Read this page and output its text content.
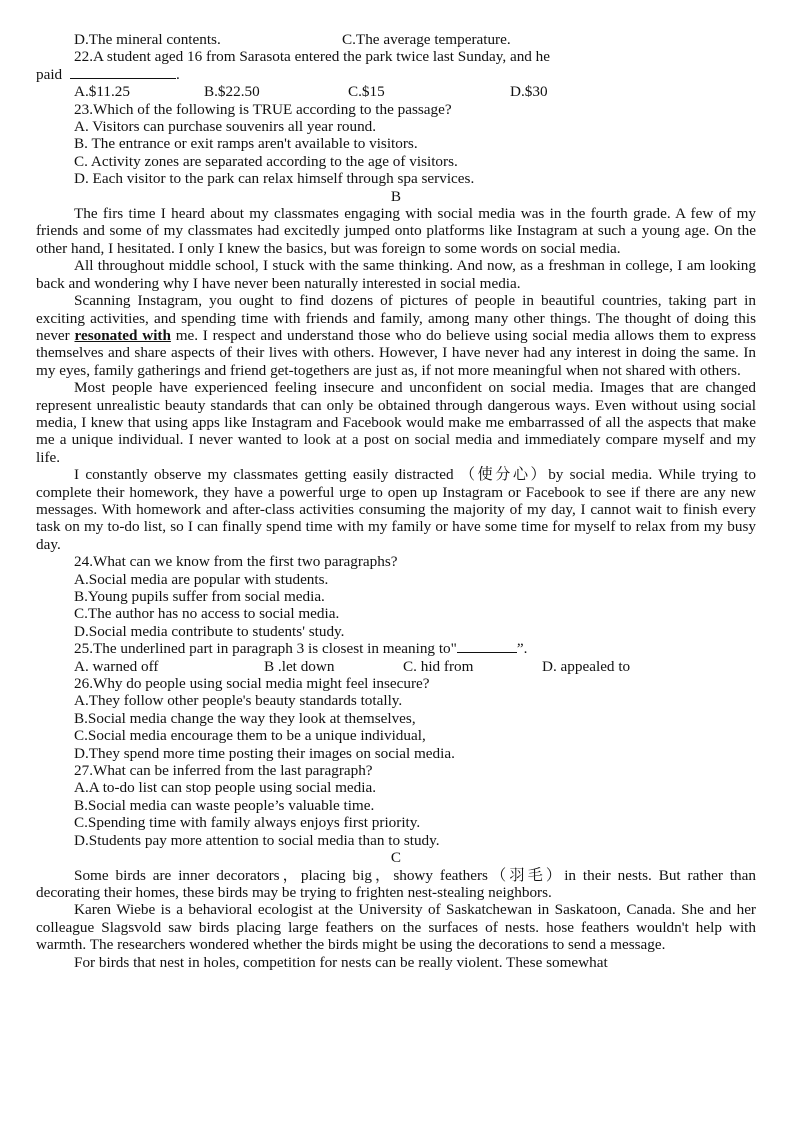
D.The mineral contents.	C.The average temperature.
22.A student aged 16 from Sarasota entered the park twice last Sunday, and he
paid	.
A.$11.25	B.$22.50	C.$15	D.$30
23.Which of the following is TRUE according to the passage?
A. Visitors can purchase souvenirs all year round.
B. The entrance or exit ramps aren't available to visitors.
C. Activity zones are separated according to the age of visitors.
D. Each visitor to the park can relax himself through spa services.
B

The firs time I heard about my classmates engaging with social media was in the fourth grade. A few of my friends and some of my classmates had excitedly jumped onto platforms like Instagram at such a young age. On the other hand, I hesitated. I only I knew the basics, but was foreign to some words on social media.

All throughout middle school, I stuck with the same thinking. And now, as a freshman in college, I am looking back and wondering why I have never been naturally interested in social media.

Scanning Instagram, you ought to find dozens of pictures of people in beautiful countries, taking part in exciting activities, and spending time with friends and family, among many other things. The thought of doing this never resonated with me. I respect and understand those who do believe using social media allows them to express themselves and share aspects of their lives with others. However, I have never had any interest in doing the same. In my eyes, family gatherings and friend get-togethers are just as, if not more meaningful when not shared with others.

Most people have experienced feeling insecure and unconfident on social media. Images that are changed represent unrealistic beauty standards that can only be obtained through dangerous ways. Even without using social media, I knew that using apps like Instagram and Facebook would make me embarrassed of all the aspects that make me a unique individual. I never wanted to look at a post on social media and immediately compare myself and my life.

I constantly observe my classmates getting easily distracted （使分心）by social media. While trying to complete their homework, they have a powerful urge to open up Instagram or Facebook to see if there are any new messages. With homework and after-class activities consuming the majority of my day, I cannot wait to finish every task on my to-do list, so I can finally spend time with my family or have some time for myself to relax from my busy day.

24.What can we know from the first two paragraphs?
A.Social media are popular with students.
B.Young pupils suffer from social media.
C.The author has no access to social media.
D.Social media contribute to students' study.
25.The underlined part in paragraph 3 is closest in meaning to"	”.
A. warned off	B .let down	C. hid from	D. appealed to
26.Why do people using social media might feel insecure?
A.They follow other people's beauty standards totally.
B.Social media change the way they look at themselves,
C.Social media encourage them to be a unique individual,
D.They spend more time posting their images on social media.
27.What can be inferred from the last paragraph?
A.A to-do list can stop people using social media.
B.Social media can waste people’s valuable time.
C.Spending time with family always enjoys first priority.
D.Students pay more attention to social media than to study.
C

Some birds are inner decorators，placing big，showy feathers（羽毛）in their nests. But rather than decorating their homes, these birds may be trying to frighten nest-stealing neighbors.

Karen Wiebe is a behavioral ecologist at the University of Saskatchewan in Saskatoon, Canada. She and her colleague Slagsvold saw birds placing large feathers on the surfaces of nests. hose feathers wouldn't help with warmth. The researchers wondered whether the birds might be using the decorations to send a message.

For birds that nest in holes, competition for nests can be really violent. These somewhat
